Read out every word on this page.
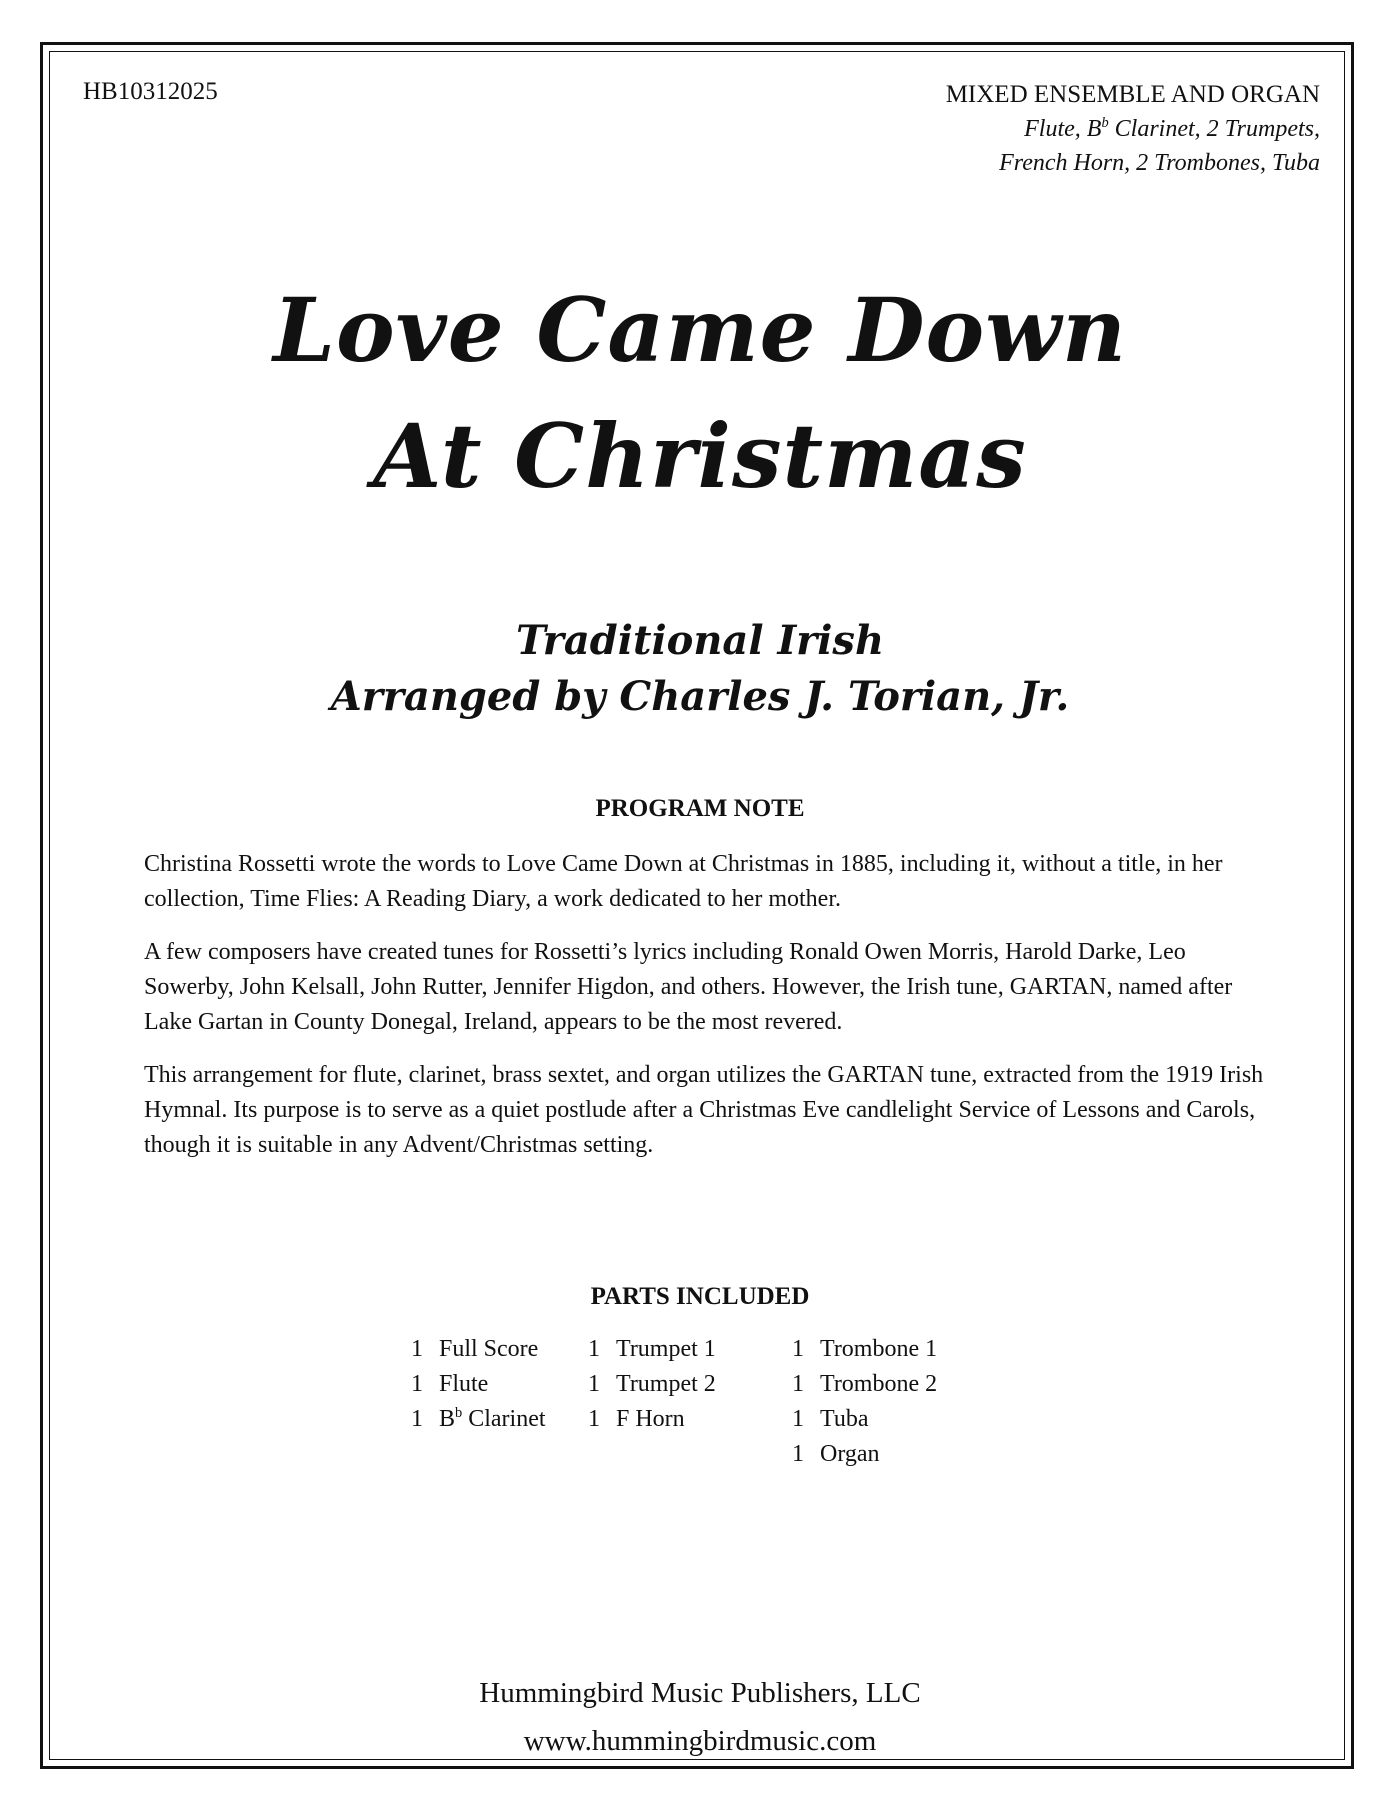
HB10312025	MIXED ENSEMBLE AND ORGAN
Flute, $B^b$ Clarinet, 2 Trumpets,
French Horn, 2 Trombones, Tuba
Love Came Down
At Christmas
Traditional Irish
Arranged by Charles J. Torian, Jr.
PROGRAM NOTE

Christina Rossetti wrote the words to Love Came Down at Christmas in 1885, including it, without a title, in her collection, Time Flies: A Reading Diary, a work dedicated to her mother.

A few composers have created tunes for Rossetti’s lyrics including Ronald Owen Morris, Harold Darke, Leo Sowerby, John Kelsall, John Rutter, Jennifer Higdon, and others. However, the Irish tune, GARTAN, named after Lake Gartan in County Donegal, Ireland, appears to be the most revered.

This arrangement for flute, clarinet, brass sextet, and organ utilizes the GARTAN tune, extracted from the 1919 Irish Hymnal. Its purpose is to serve as a quiet postlude after a Christmas Eve candlelight Service of Lessons and Carols, though it is suitable in any Advent/Christmas setting.

PARTS INCLUDED
1 Full Score
1 Flute
1 $B^b$ Clarinet
1 Trumpet 1
1 Trumpet 2
1 F Horn
1 Trombone 1
1 Trombone 2
1 Tuba
1 Organ
Hummingbird Music Publishers, LLC
www.hummingbirdmusic.com
